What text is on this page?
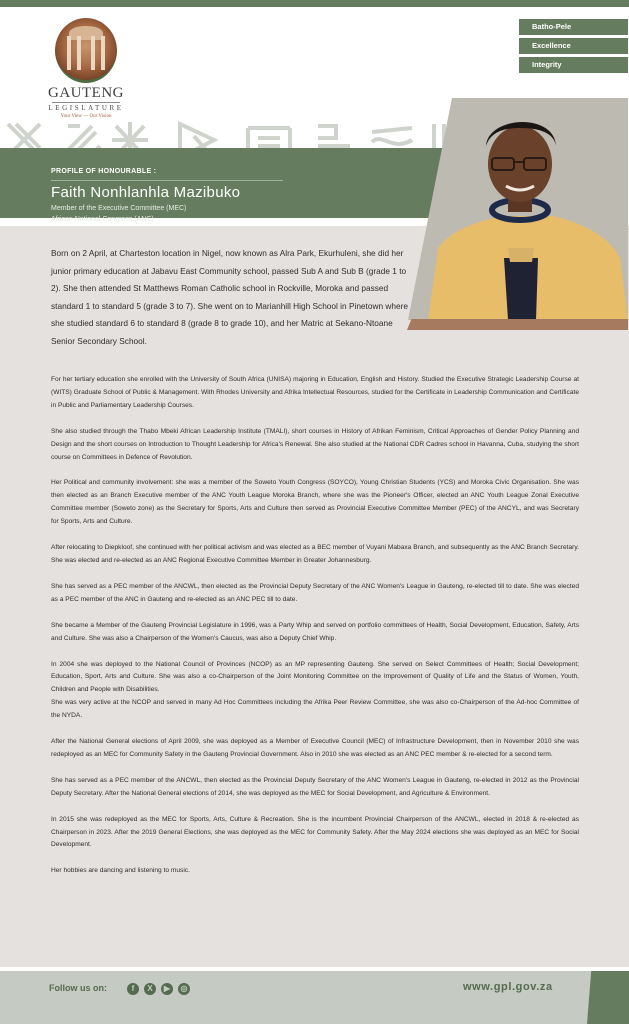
GAUTENG
LEGISLATURE
Your View — Our Vision
Batho-Pele
Excellence
Integrity
PROFILE OF HONOURABLE :
Faith Nonhlanhla Mazibuko
Member of the Executive Committee (MEC)
African National Congress (ANC)
Born on 2 April, at Charteston location in Nigel, now known as Alra Park, Ekurhuleni, she did her junior primary education at Jabavu East Community school, passed Sub A and Sub B (grade 1 to 2). She then attended St Matthews Roman Catholic school in Rockville, Moroka and passed standard 1 to standard 5 (grade 3 to 7). She went on to Marianhill High School in Pinetown where she studied standard 6 to standard 8 (grade 8 to grade 10), and her Matric at Sekano-Ntoane Senior Secondary School.

For her tertiary education she enrolled with the University of South Africa (UNISA) majoring in Education, English and History. Studied the Executive Strategic Leadership Course at (WITS) Graduate School of Public & Management. With Rhodes University and Afrika Intellectual Resources, studied for the Certificate in Leadership Communication and Certificate in Public and Parliamentary Leadership Courses.

She also studied through the Thabo Mbeki African Leadership Institute (TMALI), short courses in History of Afrikan Feminism, Critical Approaches of Gender Policy Planning and Design and the short courses on Introduction to Thought Leadership for Africa's Renewal. She also studied at the National CDR Cadres school in Havanna, Cuba, studying the short course on Committees in Defence of Revolution.

Her Political and community involvement: she was a member of the Soweto Youth Congress (SOYCO), Young Christian Students (YCS) and Moroka Civic Organisation. She was then elected as an Branch Executive member of the ANC Youth League Moroka Branch, where she was the Pioneer's Officer, elected an ANC Youth League Zonal Executive Committee member (Soweto zone) as the Secretary for Sports, Arts and Culture then served as Provincial Executive Committee Member (PEC) of the ANCYL, and was Secretary for Sports, Arts and Culture.

After relocating to Diepkloof, she continued with her political activism and was elected as a BEC member of Vuyani Mabaxa Branch, and subsequently as the ANC Branch Secretary. She was elected and re-elected as an ANC Regional Executive Committee Member in Greater Johannesburg.

She has served as a PEC member of the ANCWL, then elected as the Provincial Deputy Secretary of the ANC Women's League in Gauteng, re-elected till to date. She was elected as a PEC member of the ANC in Gauteng and re-elected as an ANC PEC till to date.

She became a Member of the Gauteng Provincial Legislature in 1996, was a Party Whip and served on portfolio committees of Health, Social Development, Education, Safety, Arts and Culture. She was also a Chairperson of the Women's Caucus, was also a Deputy Chief Whip.

In 2004 she was deployed to the National Council of Provinces (NCOP) as an MP representing Gauteng. She served on Select Committees of Health; Social Development; Education, Sport, Arts and Culture. She was also a co-Chairperson of the Joint Monitoring Committee on the Improvement of Quality of Life and the Status of Women, Youth, Children and People with Disabilities.

She was very active at the NCOP and served in many Ad Hoc Committees including the Afrika Peer Review Committee, she was also co-Chairperson of the Ad-hoc Committee of the NYDA.

After the National General elections of April 2009, she was deployed as a Member of Executive Council (MEC) of Infrastructure Development, then in November 2010 she was redeployed as an MEC for Community Safety in the Gauteng Provincial Government. Also in 2010 she was elected as an ANC PEC member & re-elected for a second term.

She has served as a PEC member of the ANCWL, then elected as the Provincial Deputy Secretary of the ANC Women's League in Gauteng, re-elected in 2012 as the Provincial Deputy Secretary. After the National General elections of 2014, she was deployed as the MEC for Social Development, and Agriculture & Environment.

In 2015 she was redeployed as the MEC for Sports, Arts, Culture & Recreation. She is the incumbent Provincial Chairperson of the ANCWL, elected in 2018 & re-elected as Chairperson in 2023. After the 2019 General Elections, she was deployed as the MEC for Community Safety. After the May 2024 elections she was deployed as an MEC for Social Development.

Her hobbies are dancing and listening to music.

Follow us on:	f	X	▶	◎	www.gpl.gov.za
